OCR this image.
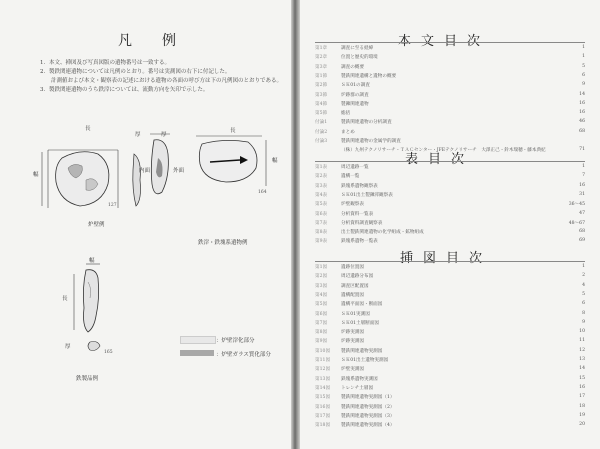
凡　例
1．本文、挿図及び写真図版の遺物番号は一致する。
2．製鉄関連遺物については凡例のとおり。番号は実測図の右下に付記した。
　　計測値および本文・観察表の記述における遺物の各面の呼び方は下の凡例図のとおりである。
3．製鉄関連遺物のうち鉄滓については、流動方向を矢印で示した。
長
厚
幅
127
炉壁例
厚
長
内面	外面
幅
164
鉄滓・鉄塊系遺物例
幅
長
厚
165
鉄製品例
：炉壁滓化部分
：炉壁ガラス質化部分
本文目次
第1章	調査に至る経緯	1
第2章	位置と歴史的環境	1
第3章	調査の概要	5
第1節	製鉄関連遺構と遺物の概要	6
第2節	ＳＫ01の調査	9
第3節	炉跡群の調査	14
第4節	製錬関連遺物	16
第5節	総括	16
付論1	製鉄関連遺物の分析調査	46
付論2	まとめ	68
付論3	製鉄関連遺物の金属学的調査
（株）九州テクノリサーチ・ＴＡＣセンター・JFEテクノリサーチ　大澤正己・鈴木瑞穂・藤本典紀	71
表目次
第1表	周辺遺跡一覧	1
第2表	遺構一覧	7
第3表	鉄塊系遺物観察表	16
第4表	ＳＫ01出土製錬滓観察表	31
第5表	炉壁観察表	36〜45
第6表	分析資料一覧表	47
第7表	分析資料調査観察表	48〜67
第8表	出土製鉄関連遺物の化学組成・鉱物組成	68
第9表	鉄塊系遺物一覧表	69
挿図目次
第1図	遺跡位置図	1
第2図	周辺遺跡分布図	2
第3図	調査区配置図	4
第4図	遺構配置図	5
第5図	遺構平面図・断面図	6
第6図	ＳＫ01実測図	8
第7図	ＳＫ01土層断面図	9
第8図	炉跡実測図	10
第9図	炉跡実測図	11
第10図 製鉄関連遺物実測図	12
第11図 ＳＫ01出土遺物実測図	13
第12図 炉壁実測図	14
第13図 鉄塊系遺物実測図	15
第14図 トレンチ土層図	16
第15図 製鉄関連遺物実測図（1）	17
第16図 製鉄関連遺物実測図（2）	18
第17図 製鉄関連遺物実測図（3）	19
第18図 製鉄関連遺物実測図（4）	20
